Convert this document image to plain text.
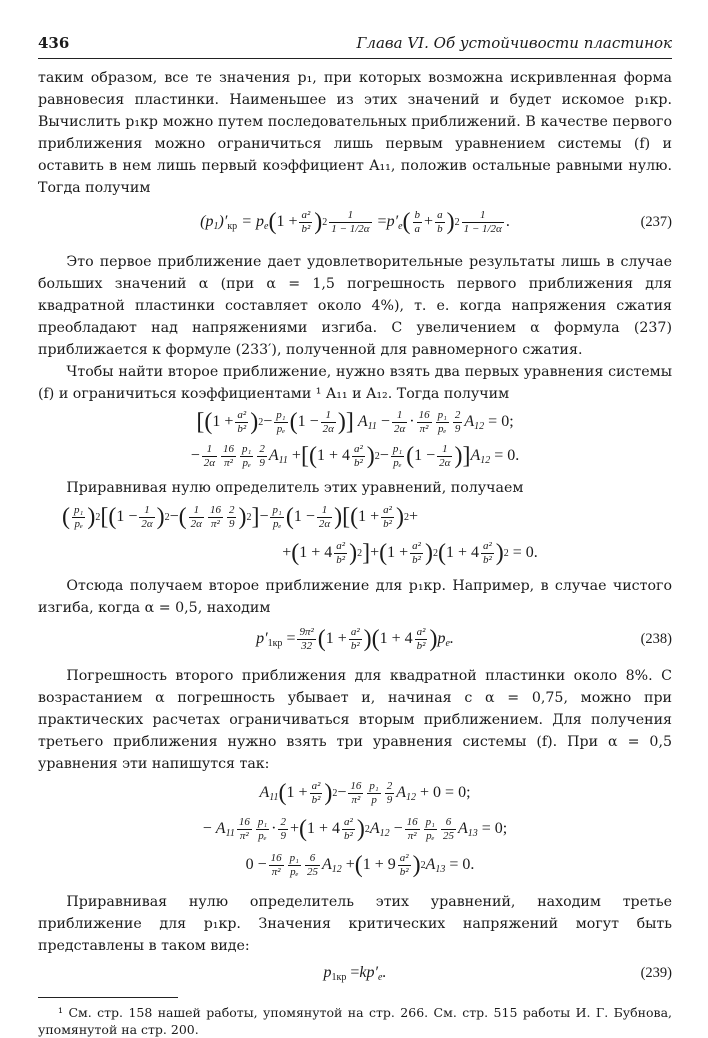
436	Глава VI. Об устойчивости пластинок

таким образом, все те значения p₁, при которых возможна искривленная форма равновесия пластинки. Наименьшее из этих значений и будет искомое p₁кр. Вычислить p₁кр можно путем последовательных приближений. В качестве первого приближения можно ограничиться лишь первым уравнением системы (f) и оставить в нем лишь первый коэффициент A₁₁, положив остальные равными нулю. Тогда получим

$(p_1)'_{кр} = p_e$ ( $1 + \frac{\text{a²}}{\text{b²}}$ ) $2 \frac{1}{1 - 1/2\alpha} = p'_e$ ( $\frac{b}{a} + \frac{a}{b}$ ) $2 \frac{1}{1 - 1/2\alpha}$ .	(237)

Это первое приближение дает удовлетворительные результаты лишь в случае больших значений α (при α = 1,5 погрешность первого приближения для квадратной пластинки составляет около 4%), т. е. когда напряжения сжатия преобладают над напряжениями изгиба. С увеличением α формула (237) приближается к формуле (233′), полученной для равномерного сжатия.

Чтобы найти второе приближение, нужно взять два первых уравнения системы (f) и ограничиться коэффициентами ¹ A₁₁ и A₁₂. Тогда получим

[ ( $1 + \frac{\text{a²}}{\text{b²}}$ ) $2 - \frac{\text{p₁}}{\text{pₑ}}$ ( $1 - \frac{1}{2\alpha}$ ) ] $A_{11} - \frac{1}{2\alpha} \cdot \frac{16}{\text{π²}} \frac{\text{p₁}}{\text{pₑ}} \frac{2}{9} A_{12} = 0$;
− $\frac{1}{2\alpha} \frac{16}{\text{π²}} \frac{\text{p₁}}{\text{pₑ}} \frac{2}{9} A_{11}$ + [ ( $1 + 4 \frac{\text{a²}}{\text{b²}}$ ) $2 - \frac{\text{p₁}}{\text{pₑ}}$ ( $1 - \frac{1}{2\alpha}$ ) ] $A_{12} = 0$.

Приравнивая нулю определитель этих уравнений, получаем

( $\frac{\text{p₁}}{\text{pₑ}}$ ) 2 [ ( $1 - \frac{1}{2\alpha}$ ) 2 − ( $\frac{1}{2\alpha} \frac{16}{\text{π²}} \frac{2}{9}$ ) 2 ] − $\frac{\text{p₁}}{\text{pₑ}}$ ( $1 - \frac{1}{2\alpha}$ ) [ ( $1 + \frac{\text{a²}}{\text{b²}}$ ) 2 +
+ ( $1 + 4 \frac{\text{a²}}{\text{b²}}$ ) 2 ] + ( $1 + \frac{\text{a²}}{\text{b²}}$ ) 2 ( $1 + 4 \frac{\text{a²}}{\text{b²}}$ ) 2 = 0.

Отсюда получаем второе приближение для p₁кр. Например, в случае чистого изгиба, когда α = 0,5, находим

$p'_{1кр} = \frac{\text{9π²}}{32}$ ( $1 + \frac{\text{a²}}{\text{b²}}$ ) ( $1 + 4 \frac{\text{a²}}{\text{b²}}$ ) $p_e$.	(238)

Погрешность второго приближения для квадратной пластинки около 8%. С возрастанием α погрешность убывает и, начиная с α = 0,75, можно при практических расчетах ограничиваться вторым приближением. Для получения третьего приближения нужно взять три уравнения системы (f). При α = 0,5 уравнения эти напишутся так:

$A_{11}$ ( $1 + \frac{\text{a²}}{\text{b²}}$ ) $2 - \frac{16}{\text{π²}} \frac{\text{p₁}}{p} \frac{2}{9} A_{12} + 0 = 0$;
− $A_{11} \frac{16}{\text{π²}} \frac{\text{p₁}}{\text{pₑ}} \cdot \frac{2}{9}$ + ( $1 + 4 \frac{\text{a²}}{\text{b²}}$ ) 2 $A_{12} - \frac{16}{\text{π²}} \frac{\text{p₁}}{\text{pₑ}} \frac{6}{25} A_{13} = 0$;
$0 - \frac{16}{\text{π²}} \frac{\text{p₁}}{\text{pₑ}} \frac{6}{25} A_{12}$ + ( $1 + 9 \frac{\text{a²}}{\text{b²}}$ ) 2 $A_{13} = 0$.

Приравнивая нулю определитель этих уравнений, находим третье приближение для p₁кр. Значения критических напряжений могут быть представлены в таком виде:

$p_{1кр} = kp'_e$.	(239)
¹ См. стр. 158 нашей работы, упомянутой на стр. 266. См. стр. 515 работы И. Г. Бубнова, упомянутой на стр. 200.
